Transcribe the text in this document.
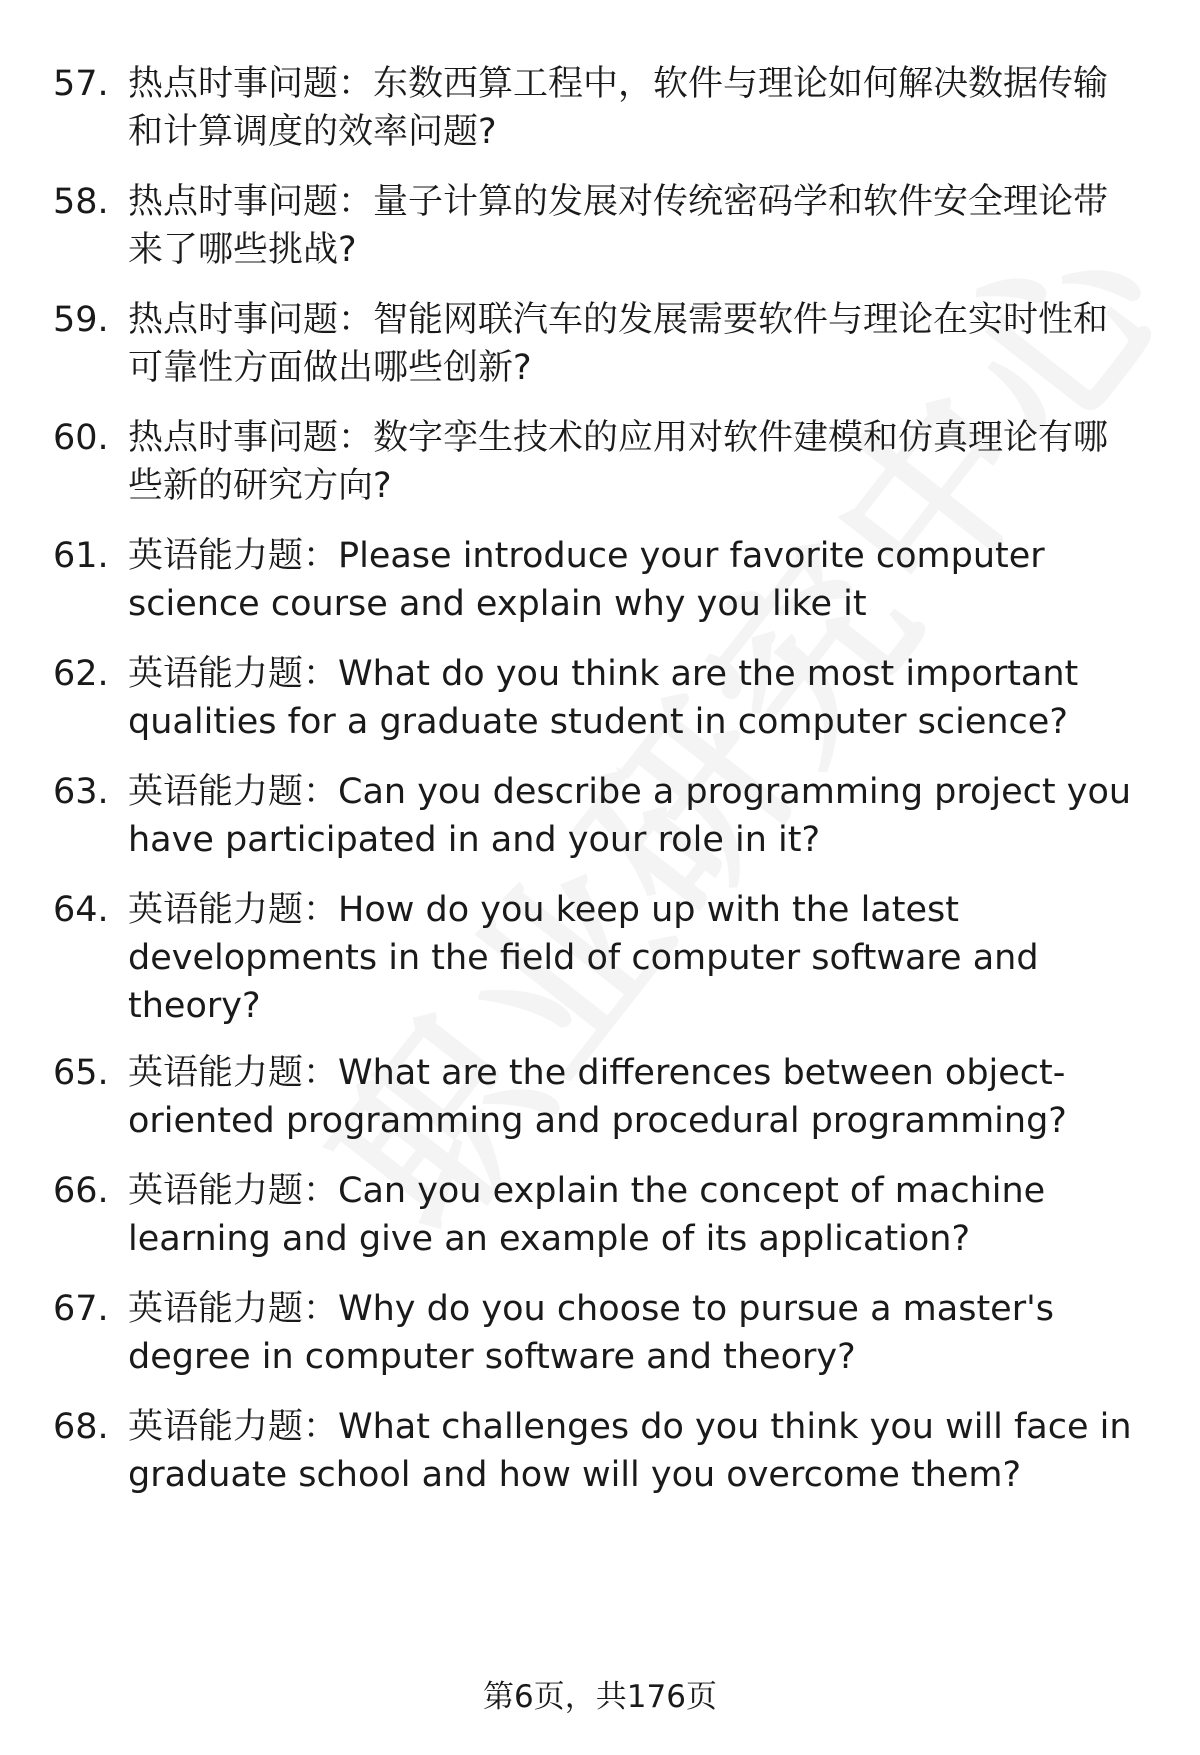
57. 热点时事问题：东数西算工程中，软件与理论如何解决数据传输和计算调度的效率问题?
58. 热点时事问题：量子计算的发展对传统密码学和软件安全理论带来了哪些挑战?
59. 热点时事问题：智能网联汽车的发展需要软件与理论在实时性和可靠性方面做出哪些创新?
60. 热点时事问题：数字孪生技术的应用对软件建模和仿真理论有哪些新的研究方向?
61. 英语能力题：Please introduce your favorite computer science course and explain why you like it
62. 英语能力题：What do you think are the most important qualities for a graduate student in computer science?
63. 英语能力题：Can you describe a programming project you have participated in and your role in it?
64. 英语能力题：How do you keep up with the latest developments in the field of computer software and theory?
65. 英语能力题：What are the differences between object-oriented programming and procedural programming?
66. 英语能力题：Can you explain the concept of machine learning and give an example of its application?
67. 英语能力题：Why do you choose to pursue a master's degree in computer software and theory?
68. 英语能力题：What challenges do you think you will face in graduate school and how will you overcome them?
第6页，共176页
